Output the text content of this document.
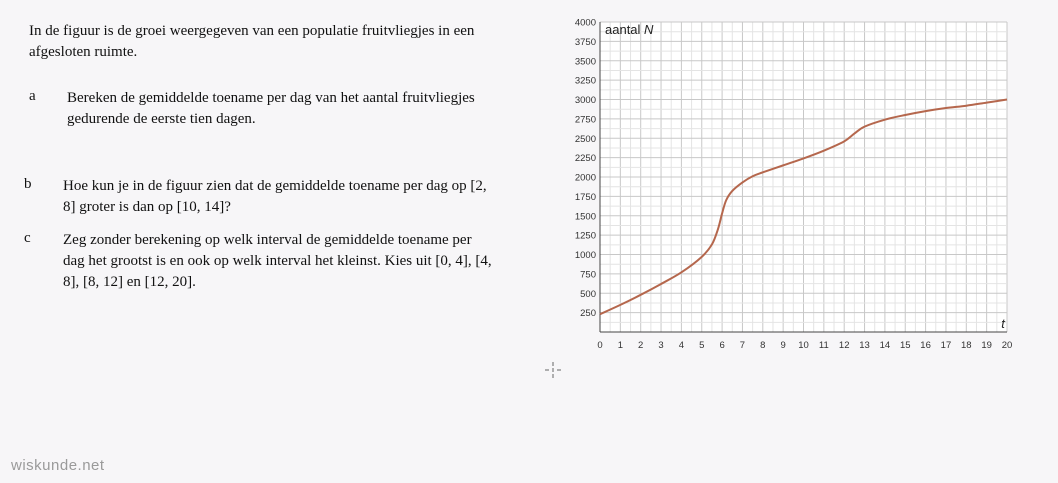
In de figuur is de groei weergegeven van een populatie fruitvliegjes in een afgesloten ruimte.
a Bereken de gemiddelde toename per dag van het aantal fruitvliegjes gedurende de eerste tien dagen.
b Hoe kun je in de figuur zien dat de gemiddelde toename per dag op [2, 8] groter is dan op [10, 14]?
c Zeg zonder berekening op welk interval de gemiddelde toename per dag het grootst is en ook op welk interval het kleinst. Kies uit [0, 4], [4, 8], [8, 12] en [12, 20].
0 1 2 3 4 5 6 7 8 9 10 11 12 13 14 15 16 17 18 19 20
250
500
750
1000
1250
1500
1750
2000
2250
2500
2750
3000
3250
3500
3750
4000 aantal N
t
wiskunde.net
